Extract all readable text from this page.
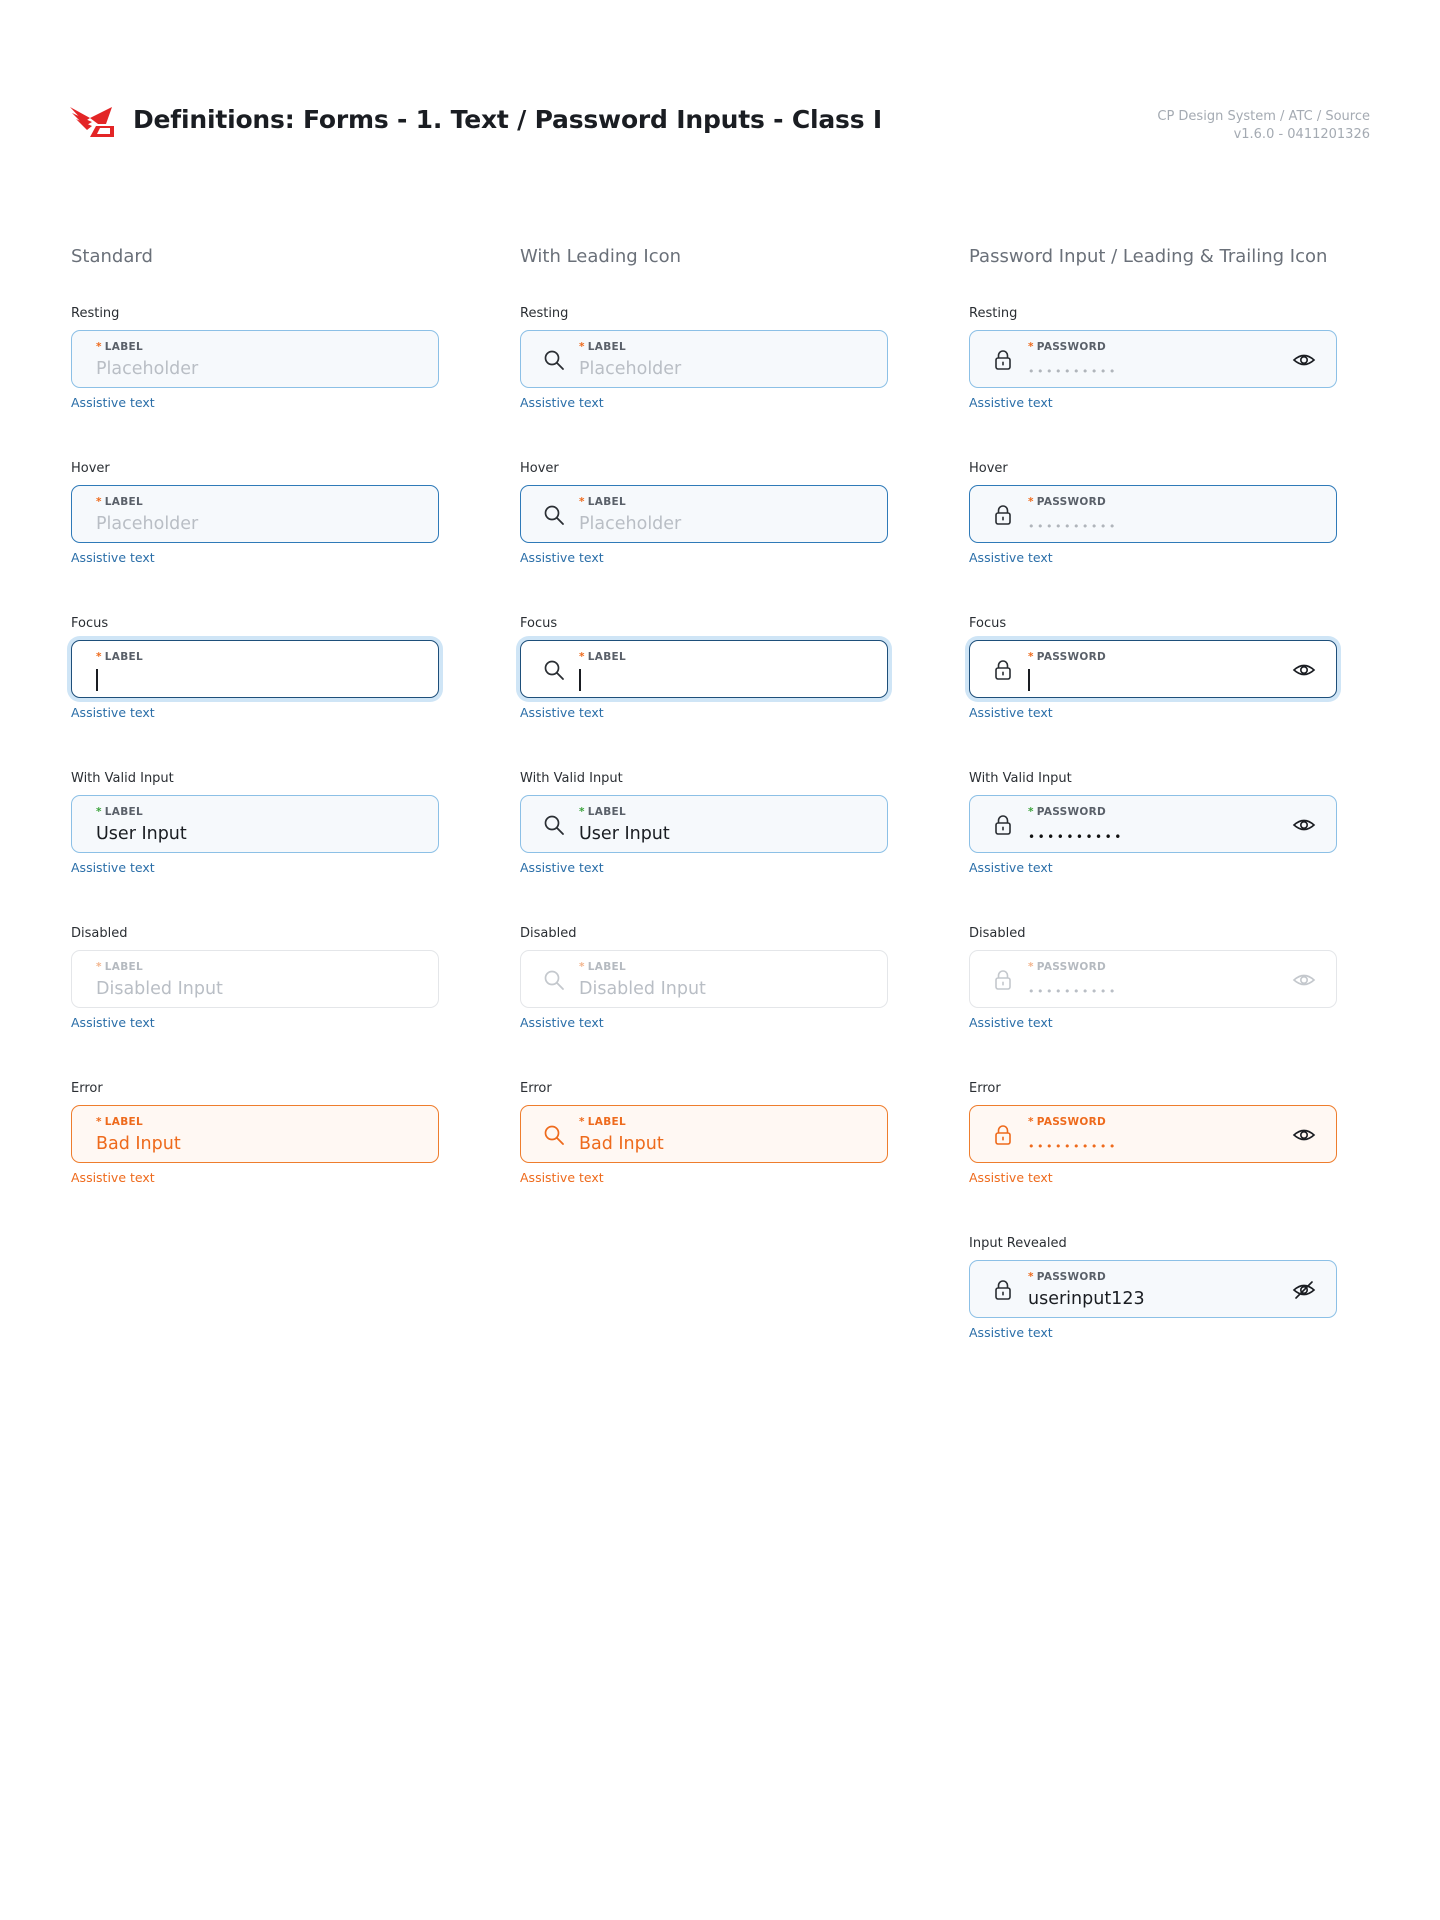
Definitions: Forms - 1. Text / Password Inputs - Class I	CP Design System / ATC / Source
v1.6.0 - 0411201326
Standard
Resting
* LABEL
Placeholder
Assistive text
Hover
* LABEL
Placeholder
Assistive text
Focus
* LABEL
Assistive text
With Valid Input
* LABEL
User Input
Assistive text
Disabled
* LABEL
Disabled Input
Assistive text
Error
* LABEL
Bad Input
Assistive text
With Leading Icon
Resting
* LABEL
Placeholder
Assistive text
Hover
* LABEL
Placeholder
Assistive text
Focus
* LABEL
Assistive text
With Valid Input
* LABEL
User Input
Assistive text
Disabled
* LABEL
Disabled Input
Assistive text
Error
* LABEL
Bad Input
Assistive text
Password Input / Leading & Trailing Icon
Resting
* PASSWORD
••••••••••
Assistive text
Hover
* PASSWORD
••••••••••
Assistive text
Focus
* PASSWORD
Assistive text
With Valid Input
* PASSWORD
••••••••••
Assistive text
Disabled
* PASSWORD
••••••••••
Assistive text
Error
* PASSWORD
••••••••••
Assistive text
Input Revealed
* PASSWORD
userinput123
Assistive text
